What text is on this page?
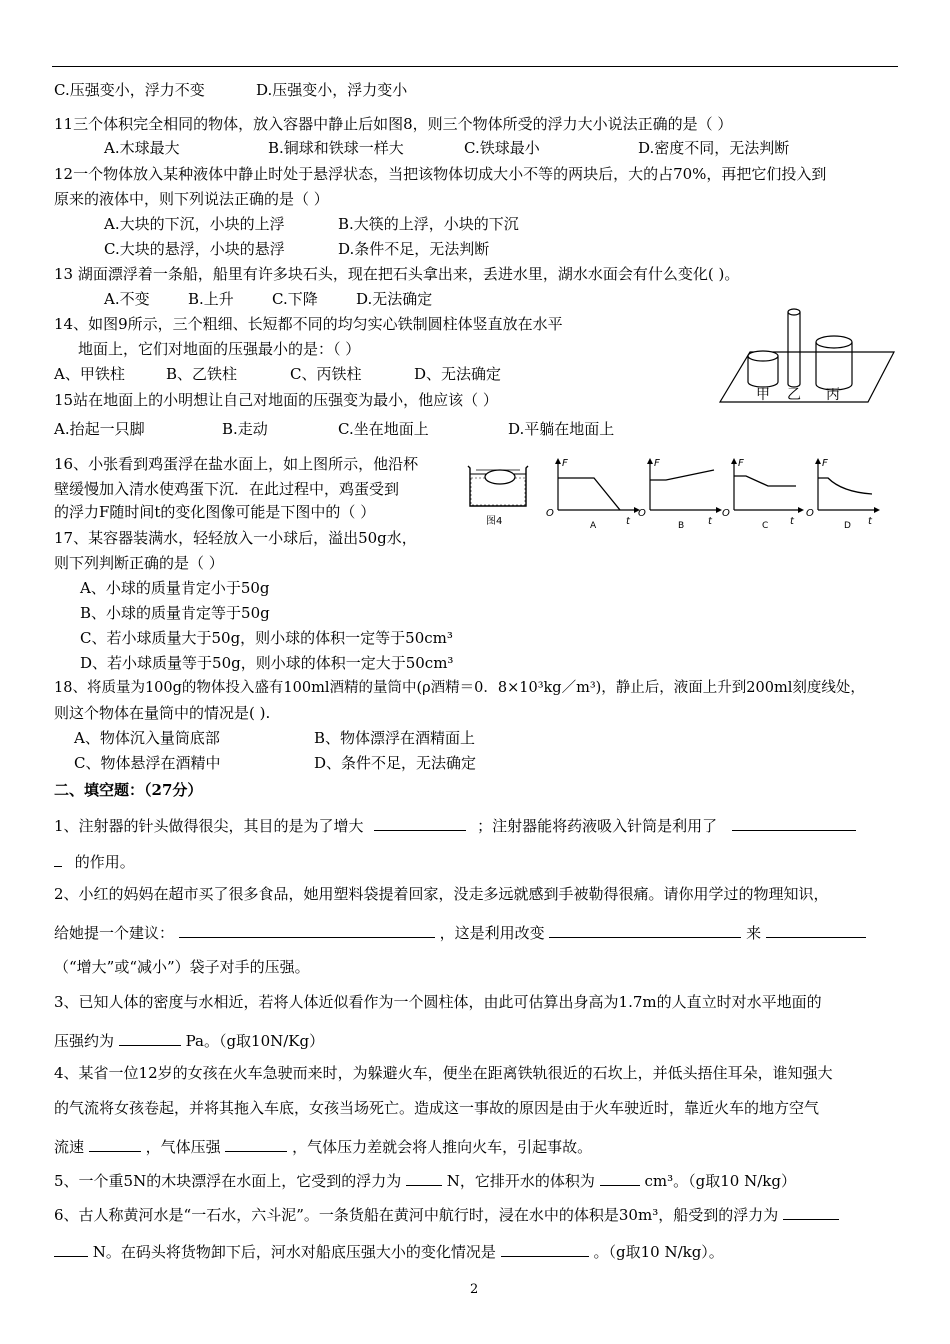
C.压强变小，浮力不变	D.压强变小，浮力变小
11三个体积完全相同的物体，放入容器中静止后如图8，则三个物体所受的浮力大小说法正确的是（ ）
A.木球最大	B.铜球和铁球一样大	C.铁球最小	D.密度不同，无法判断
12一个物体放入某种液体中静止时处于悬浮状态，当把该物体切成大小不等的两块后，大的占70%，再把它们投入到
原来的液体中，则下列说法正确的是（ ）
A.大块的下沉，小块的上浮	B.大筷的上浮，小块的下沉
C.大块的悬浮，小块的悬浮	D.条件不足，无法判断
13 湖面漂浮着一条船，船里有许多块石头，现在把石头拿出来，丢进水里，湖水水面会有什么变化( )。
A.不变	B.上升	C.下降	D.无法确定
14、如图9所示，三个粗细、长短都不同的均匀实心铁制圆柱体竖直放在水平
地面上，它们对地面的压强最小的是：（ ）
A、甲铁柱	B、乙铁柱	C、丙铁柱	D、无法确定
甲 乙 丙
15站在地面上的小明想让自己对地面的压强变为最小，他应该（ ）
A.抬起一只脚	B.走动	C.坐在地面上	D.平躺在地面上
16、小张看到鸡蛋浮在盐水面上，如上图所示，他沿杯
壁缓慢加入清水使鸡蛋下沉．在此过程中，鸡蛋受到
的浮力F随时间t的变化图像可能是下图中的（ ）
图4
F
O
t
A
F
O
t
B
F
O
t
C
F
O
t
D
17、某容器装满水，轻轻放入一小球后，溢出50g水，
则下列判断正确的是（ ）
A、小球的质量肯定小于50g
B、小球的质量肯定等于50g
C、若小球质量大于50g，则小球的体积一定等于50cm³
D、若小球质量等于50g，则小球的体积一定大于50cm³
18、将质量为100g的物体投入盛有100ml酒精的量筒中(ρ酒精＝0．8×10³kg／m³)，静止后，液面上升到200ml刻度线处，
则这个物体在量筒中的情况是( ).
A、物体沉入量筒底部	B、物体漂浮在酒精面上
C、物体悬浮在酒精中	D、条件不足，无法确定
二、填空题：（27分）
1、注射器的针头做得很尖，其目的是为了增大	；注射器能将药液吸入针筒是利用了
的作用。
2、小红的妈妈在超市买了很多食品，她用塑料袋提着回家，没走多远就感到手被勒得很痛。请你用学过的物理知识，
给她提一个建议：	，这是利用改变	来
（“增大”或“减小”）袋子对手的压强。
3、已知人体的密度与水相近，若将人体近似看作为一个圆柱体，由此可估算出身高为1.7m的人直立时对水平地面的
压强约为	Pa。（g取10N/Kg）
4、某省一位12岁的女孩在火车急驶而来时，为躲避火车，便坐在距离铁轨很近的石坎上，并低头捂住耳朵，谁知强大
的气流将女孩卷起，并将其拖入车底，女孩当场死亡。造成这一事故的原因是由于火车驶近时，靠近火车的地方空气
流速	，气体压强	，气体压力差就会将人推向火车，引起事故。
5、一个重5N的木块漂浮在水面上，它受到的浮力为	N，它排开水的体积为	cm³。（g取10 N/kg）
6、古人称黄河水是“一石水，六斗泥”。一条货船在黄河中航行时，浸在水中的体积是30m³，船受到的浮力为
N。在码头将货物卸下后，河水对船底压强大小的变化情况是	。（g取10 N/kg）。
2
